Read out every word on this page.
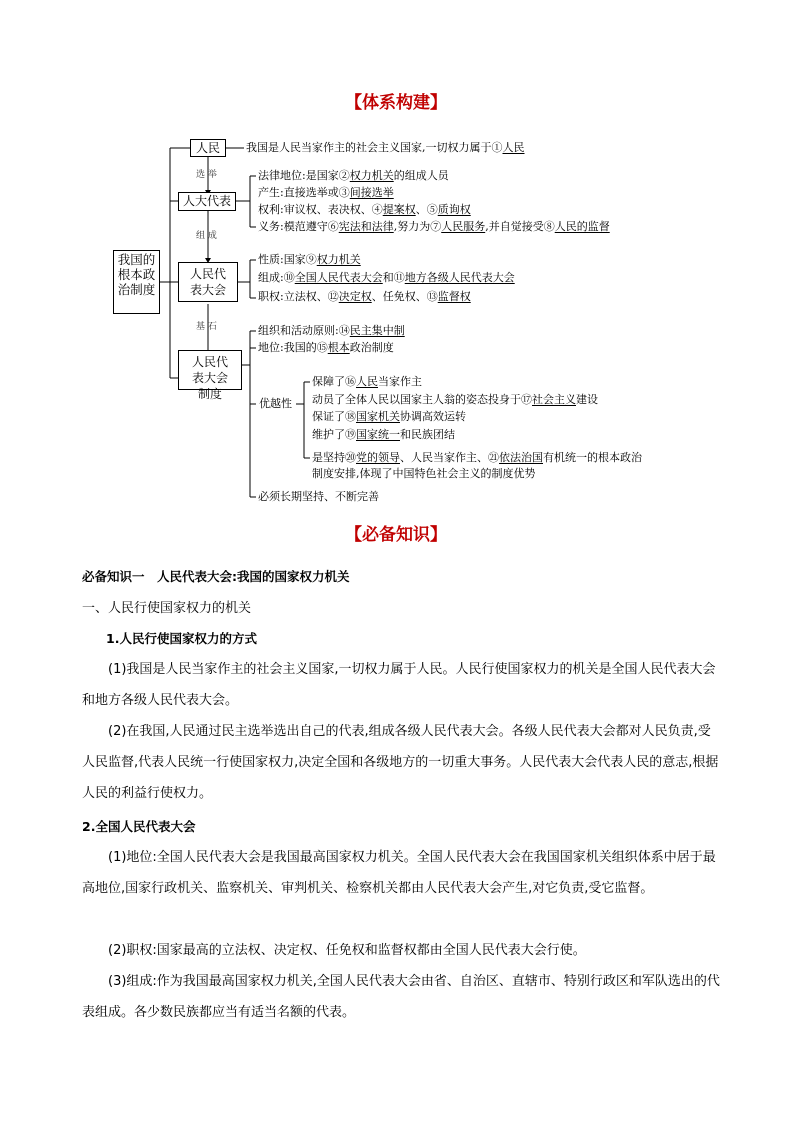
【体系构建】
【必备知识】
我国的根本政治制度
人民
人大代表
人民代表大会
人民代表大会制度
选 举
组 成
基 石
我国是人民当家作主的社会主义国家,一切权力属于①人民
法律地位:是国家②权力机关的组成人员
产生:直接选举或③间接选举
权利:审议权、表决权、④提案权、⑤质询权
义务:模范遵守⑥宪法和法律,努力为⑦人民服务,并自觉接受⑧人民的监督
性质:国家⑨权力机关
组成:⑩全国人民代表大会和⑪地方各级人民代表大会
职权:立法权、⑫决定权、任免权、⑬监督权
组织和活动原则:⑭民主集中制
地位:我国的⑮根本政治制度
优越性
保障了⑯人民当家作主
动员了全体人民以国家主人翁的姿态投身于⑰社会主义建设
保证了⑱国家机关协调高效运转
维护了⑲国家统一和民族团结
是坚持⑳党的领导、人民当家作主、㉑依法治国有机统一的根本政治
制度安排,体现了中国特色社会主义的制度优势
必须长期坚持、不断完善
必备知识一　人民代表大会:我国的国家权力机关
一、人民行使国家权力的机关
1.人民行使国家权力的方式
(1)我国是人民当家作主的社会主义国家,一切权力属于人民。人民行使国家权力的机关是全国人民代表大会和地方各级人民代表大会。
(2)在我国,人民通过民主选举选出自己的代表,组成各级人民代表大会。各级人民代表大会都对人民负责,受人民监督,代表人民统一行使国家权力,决定全国和各级地方的一切重大事务。人民代表大会代表人民的意志,根据人民的利益行使权力。
2.全国人民代表大会
(1)地位:全国人民代表大会是我国最高国家权力机关。全国人民代表大会在我国国家机关组织体系中居于最高地位,国家行政机关、监察机关、审判机关、检察机关都由人民代表大会产生,对它负责,受它监督。
(2)职权:国家最高的立法权、决定权、任免权和监督权都由全国人民代表大会行使。
(3)组成:作为我国最高国家权力机关,全国人民代表大会由省、自治区、直辖市、特别行政区和军队选出的代表组成。各少数民族都应当有适当名额的代表。
